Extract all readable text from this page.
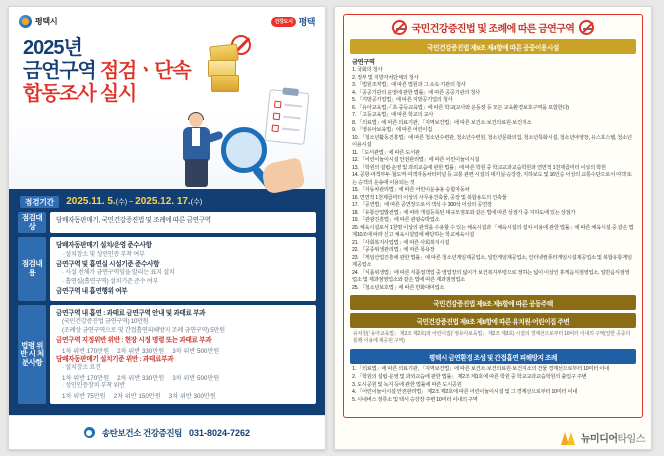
평택시	건강도시 평택
2025년
금연구역 점검ㆍ단속
합동조사 실시
점검기간 2025.11. 5.(수) ~ 2025.12. 17.(수)
점검대상
담배자동판매기, 국민건강증진법 및 조례에 따른 금연구역
점검내용
담배자동판매기 설치/운영 준수사항
· 설치장소 및 성인인증 부착 여부
금연구역 및 흡연실 시설기준 준수사항
· 시설 전체가 금연구역임을 알리는 표지 설치
· 흡연실(흡연구역) 설치기준 준수 여부
금연구역 내 흡연행위 여부
법령 위반 시 처분사항
금연구역 내 흡연 : 과태료 금연구역 안내 및 과태료 부과
(국민건강증진법 금연구역) 10만원
(조례상 금연구역으로 및 간접흡연피해방지 조례 금연구역) 5만원
금연구역 지정위반 위반 : 현장 시정 명령 또는 과태료 부과
1차 위반 170만원 2차 위반 330만원 3차 위반 500만원
담배자동판매기 설치기준 위반 : 과태료부과
· 설치장소 요건
1차 위반 170만원 2차 위반 330만원 3차 위반 500만원
· 성인인증장치 부착 위반
1차 위반 75만원 2차 위반 150만원 3차 위반 300만원
송탄보건소 건강증진팀 031-8024-7262
국민건강증진법 및 조례에 따른 금연구역
국민건강증진법 제9조 제4항에 따른 공중이용시설
금연구역
1. 국회의 청사
2. 정부 및 지방자치단체의 청사
3. 「법원조직법」에 따른 법원과 그 소속 기관의 청사
4. 「공공기관의 운영에 관한 법률」에 따른 공공기관의 청사
5. 「지방공기업법」에 따른 지방공기업의 청사
6. 「유아교육법」·「초·중등교육법」에 따른 학교(교사와 운동장 등 모든 교육환경보호구역을 포함한다)
7. 「고등교육법」에 따른 학교의 교사
8. 「의료법」에 따른 의료기관, 「지역보건법」에 따른 보건소·보건의료원·보건지소
9. 「영유아보육법」에 따른 어린이집
10. 「청소년활동진흥법」에 따른 청소년수련관, 청소년수련원, 청소년문화의집, 청소년특화시설, 청소년야영장, 유스호스텔, 청소년이용시설
11. 「도서관법」에 따른 도서관
12. 「어린이놀이시설 안전관리법」에 따른 어린이놀이시설
13. 「학원의 설립·운영 및 과외교습에 관한 법률」에 따른 학원 중 학교교과교습학원과 연면적 1천제곱미터 이상의 학원
14. 공항·여객부두·철도역·여객자동차터미널 등 교통 관련 시설의 대기실·승강장, 지하보도 및 16인승 이상의 교통수단으로서 여객 또는 승객의 운송에 이용되는 것
15. 「자동차관리법」에 따른 어린이운송용 승합자동차
16. 연면적 1천제곱미터 이상의 사무용건축물, 공장 및 복합용도의 건축물
17. 「공연법」에 따른 공연장으로서 객석 수 300석 이상의 공연장
18. 「유통산업발전법」에 따라 개설등록된 대규모점포와 같은 법에 따른 상점가 중 지하도에 있는 상점가
19. 「관광진흥법」에 따른 관광숙박업소
20. 체육시설로서 1천명 이상의 관객을 수용할 수 있는 체육시설과 「체육시설의 설치·이용에 관한 법률」에 따른 체육시설 중 같은 법 제10조에 따라 신고 체육시설업에 해당하는 학교체육시설
21. 「사회복지사업법」에 따른 사회복지시설
22. 「공중위생관리법」에 따른 목욕장
23. 「게임산업진흥에 관한 법률」에 따른 청소년게임제공업소, 일반게임제공업소, 인터넷컴퓨터게임시설제공업소 및 복합유통게임제공업소
24. 「식품위생법」에 따른 식품접객업 중 영업장의 넓이가 보건복지부령으로 정하는 넓이 이상인 휴게음식점영업소, 일반음식점영업소 및 제과점영업소와 같은 법에 따른 제과점영업소
25. 「청소년보호법」에 따른 만화대여업소
국민건강증진법 제9조 제5항에 따른 공동주택
국민건강증진법 제9조 제8항에 따른 유치원·어린이집 주변
유치원(「유아교육법」 제2조 제2호)과 어린이집(「영유아보육법」 제2조 제3호) 시설의 경계선으로부터 10미터 이내의 구역(일반 공중의 통행·이용에 제공된 구역)
평택시 금연환경 조성 및 간접흡연 피해방지 조례
1. 「의료법」에 따른 의료기관, 「지역보건법」에 따른 보건소·보건의료원·보건지소의 건물 경계선으로부터 10미터 이내
2. 「학원의 설립·운영 및 과외교습에 관한 법률」 제2조 제1호에 따른 학원 중 학교교과교습학원의 출입구 주변
3. 도시공원 및 녹지 등에 관한 법률에 따른 도시공원
4. 「어린이놀이시설 안전관리법」 제2조 제2호에 따른 어린이놀이시설 및 그 경계선으로부터 10미터 이내
5. 시내버스 정류소 및 택시 승강장 주변 10미터 이내의 구역
뉴미디어타임스
